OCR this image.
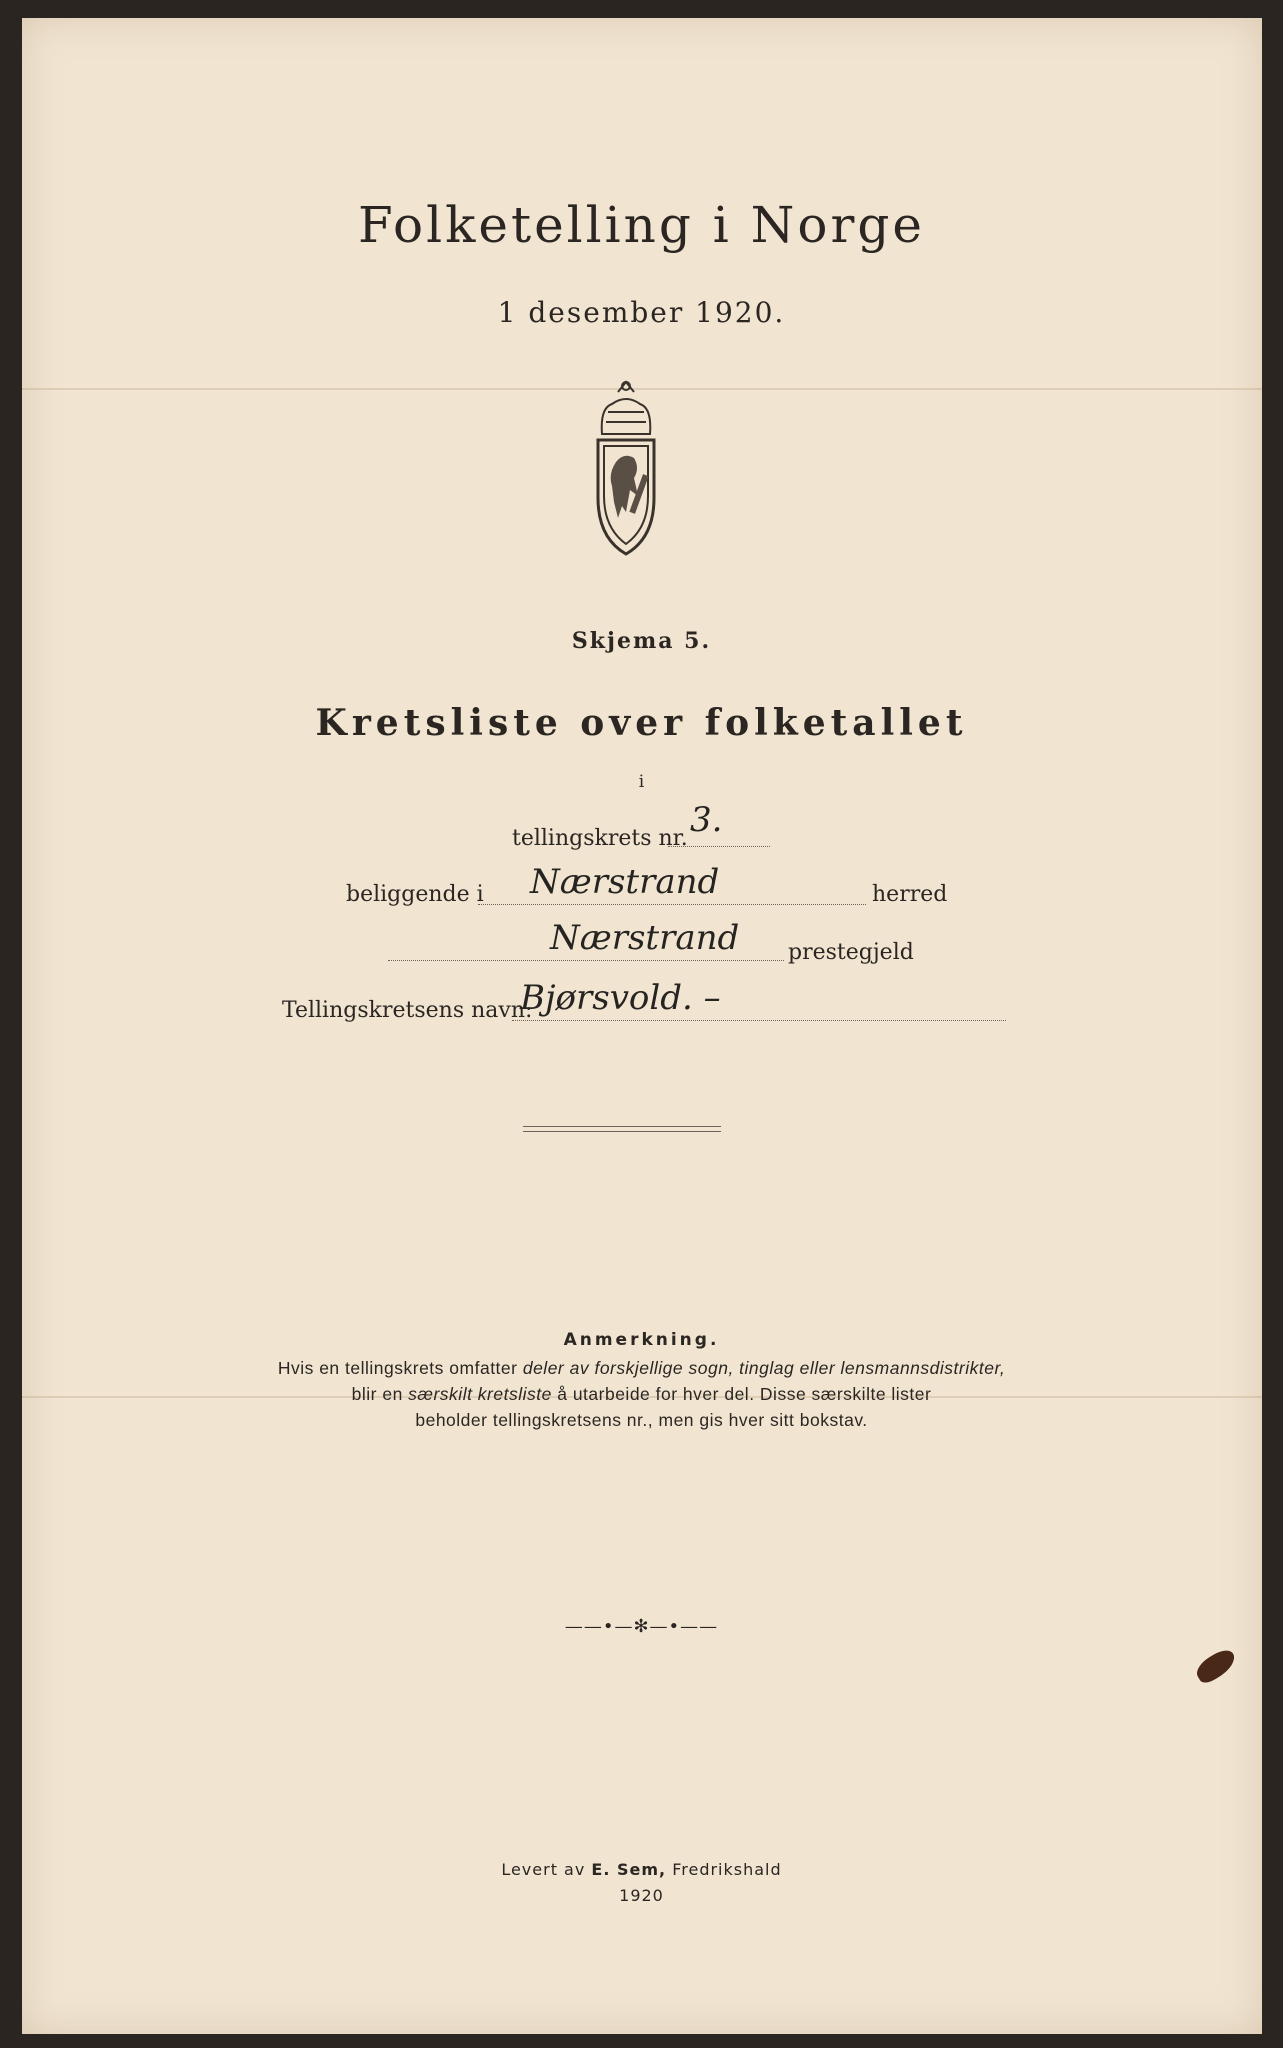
Folketelling i Norge
1 desember 1920.
Skjema 5.
Kretsliste over folketallet
i
tellingskrets nr. 3.
beliggende i Nærstrand	herred
Nærstrand prestegjeld
Tellingskretsens navn:
Bjørsvold. –
Anmerkning.
Hvis en tellingskrets omfatter deler av forskjellige sogn, tinglag eller lensmannsdistrikter,
blir en særskilt kretsliste å utarbeide for hver del. Disse særskilte lister
beholder tellingskretsens nr., men gis hver sitt bokstav.
——•—✻—•——
Levert av E. Sem, Fredrikshald
1920
